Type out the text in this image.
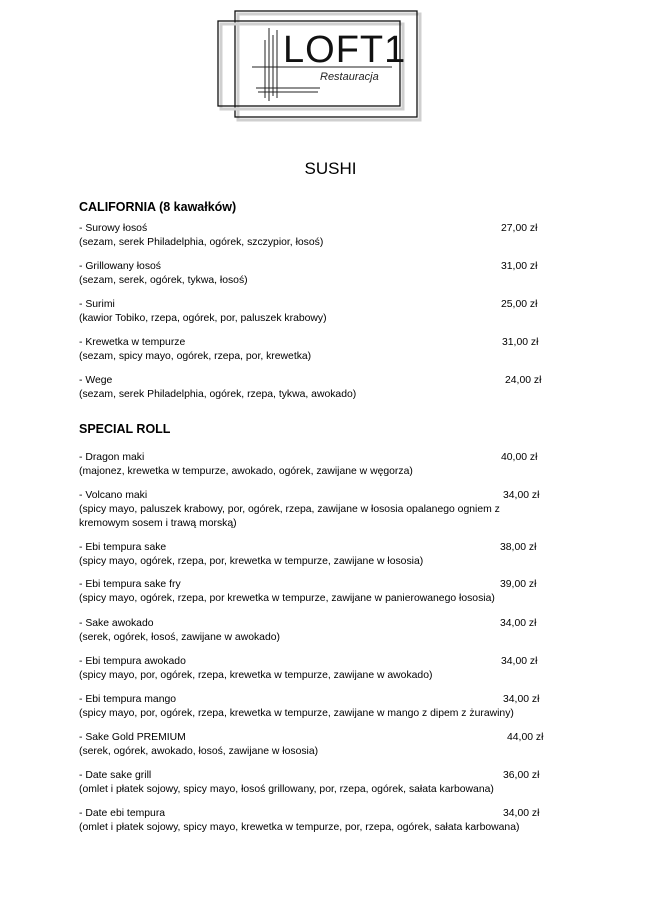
LOFT1
Restauracja
SUSHI
CALIFORNIA (8 kawałków)
- Surowy łosoś
(sezam, serek Philadelphia, ogórek, szczypior, łosoś)
27,00 zł
- Grillowany łosoś
(sezam, serek, ogórek, tykwa, łosoś)
31,00 zł
- Surimi
(kawior Tobiko, rzepa, ogórek, por, paluszek krabowy)
25,00 zł
- Krewetka w tempurze
(sezam, spicy mayo, ogórek, rzepa, por, krewetka)
31,00 zł
- Wege
(sezam, serek Philadelphia, ogórek, rzepa, tykwa, awokado)
24,00 zł
SPECIAL ROLL
- Dragon maki
(majonez, krewetka w tempurze, awokado, ogórek, zawijane w węgorza)
40,00 zł
- Volcano maki
(spicy mayo, paluszek krabowy, por, ogórek, rzepa, zawijane w łososia opalanego ogniem z
kremowym sosem i trawą morską)
34,00 zł
- Ebi tempura sake
(spicy mayo, ogórek, rzepa, por, krewetka w tempurze, zawijane w łososia)
38,00 zł
- Ebi tempura sake fry
(spicy mayo, ogórek, rzepa, por krewetka w tempurze, zawijane w panierowanego łososia)
39,00 zł
- Sake awokado
(serek, ogórek, łosoś, zawijane w awokado)
34,00 zł
- Ebi tempura awokado
(spicy mayo, por, ogórek, rzepa, krewetka w tempurze, zawijane w awokado)
34,00 zł
- Ebi tempura mango
(spicy mayo, por, ogórek, rzepa, krewetka w tempurze, zawijane w mango z dipem z żurawiny)
34,00 zł
- Sake Gold PREMIUM
(serek, ogórek, awokado, łosoś, zawijane w łososia)
44,00 zł
- Date sake grill
(omlet i płatek sojowy, spicy mayo, łosoś grillowany, por, rzepa, ogórek, sałata karbowana)
36,00 zł
- Date ebi tempura
(omlet i płatek sojowy, spicy mayo, krewetka w tempurze, por, rzepa, ogórek, sałata karbowana)
34,00 zł
